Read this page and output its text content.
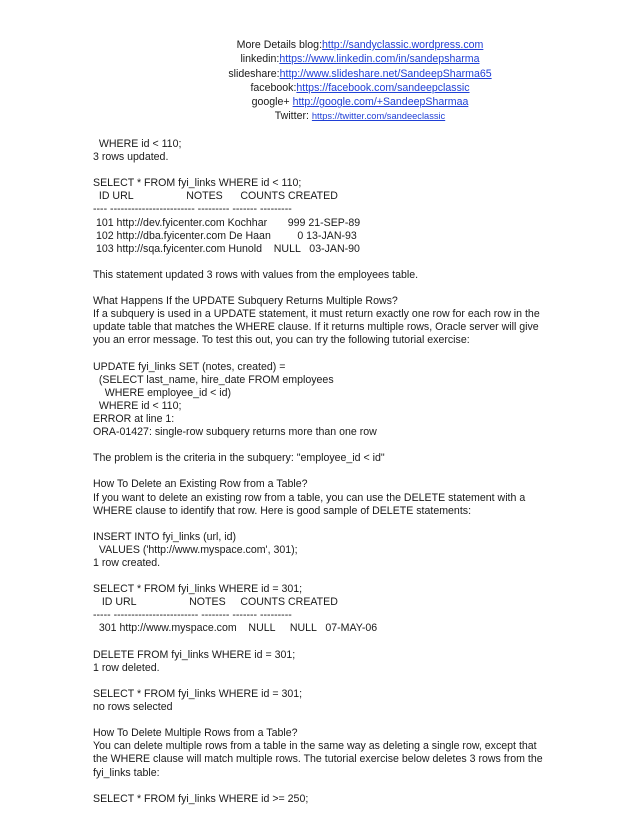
More Details blog:http://sandyclassic.wordpress.com
linkedin:https://www.linkedin.com/in/sandepsharma
slideshare:http://www.slideshare.net/SandeepSharma65
facebook:https://facebook.com/sandeepclassic
google+ http://google.com/+SandeepSharmaa
Twitter: https://twitter.com/sandeeclassic
WHERE id < 110;
3 rows updated.
SELECT * FROM fyi_links WHERE id < 110;
ID URL                  NOTES      COUNTS CREATED
---- ------------------------ --------- ------- ---------
101 http://dev.fyicenter.com Kochhar       999 21-SEP-89
102 http://dba.fyicenter.com De Haan         0 13-JAN-93
103 http://sqa.fyicenter.com Hunold    NULL   03-JAN-90
This statement updated 3 rows with values from the employees table.
What Happens If the UPDATE Subquery Returns Multiple Rows?
If a subquery is used in a UPDATE statement, it must return exactly one row for each row in the update table that matches the WHERE clause. If it returns multiple rows, Oracle server will give you an error message. To test this out, you can try the following tutorial exercise:
UPDATE fyi_links SET (notes, created) =
(SELECT last_name, hire_date FROM employees
WHERE employee_id < id)
WHERE id < 110;
ERROR at line 1:
ORA-01427: single-row subquery returns more than one row
The problem is the criteria in the subquery: "employee_id < id"
How To Delete an Existing Row from a Table?
If you want to delete an existing row from a table, you can use the DELETE statement with a WHERE clause to identify that row. Here is good sample of DELETE statements:
INSERT INTO fyi_links (url, id)
VALUES ('http://www.myspace.com', 301);
1 row created.
SELECT * FROM fyi_links WHERE id = 301;
ID URL                  NOTES     COUNTS CREATED
----- ------------------------ -------- ------- ---------
301 http://www.myspace.com    NULL     NULL   07-MAY-06
DELETE FROM fyi_links WHERE id = 301;
1 row deleted.
SELECT * FROM fyi_links WHERE id = 301;
no rows selected
How To Delete Multiple Rows from a Table?
You can delete multiple rows from a table in the same way as deleting a single row, except that the WHERE clause will match multiple rows. The tutorial exercise below deletes 3 rows from the fyi_links table:
SELECT * FROM fyi_links WHERE id >= 250;
